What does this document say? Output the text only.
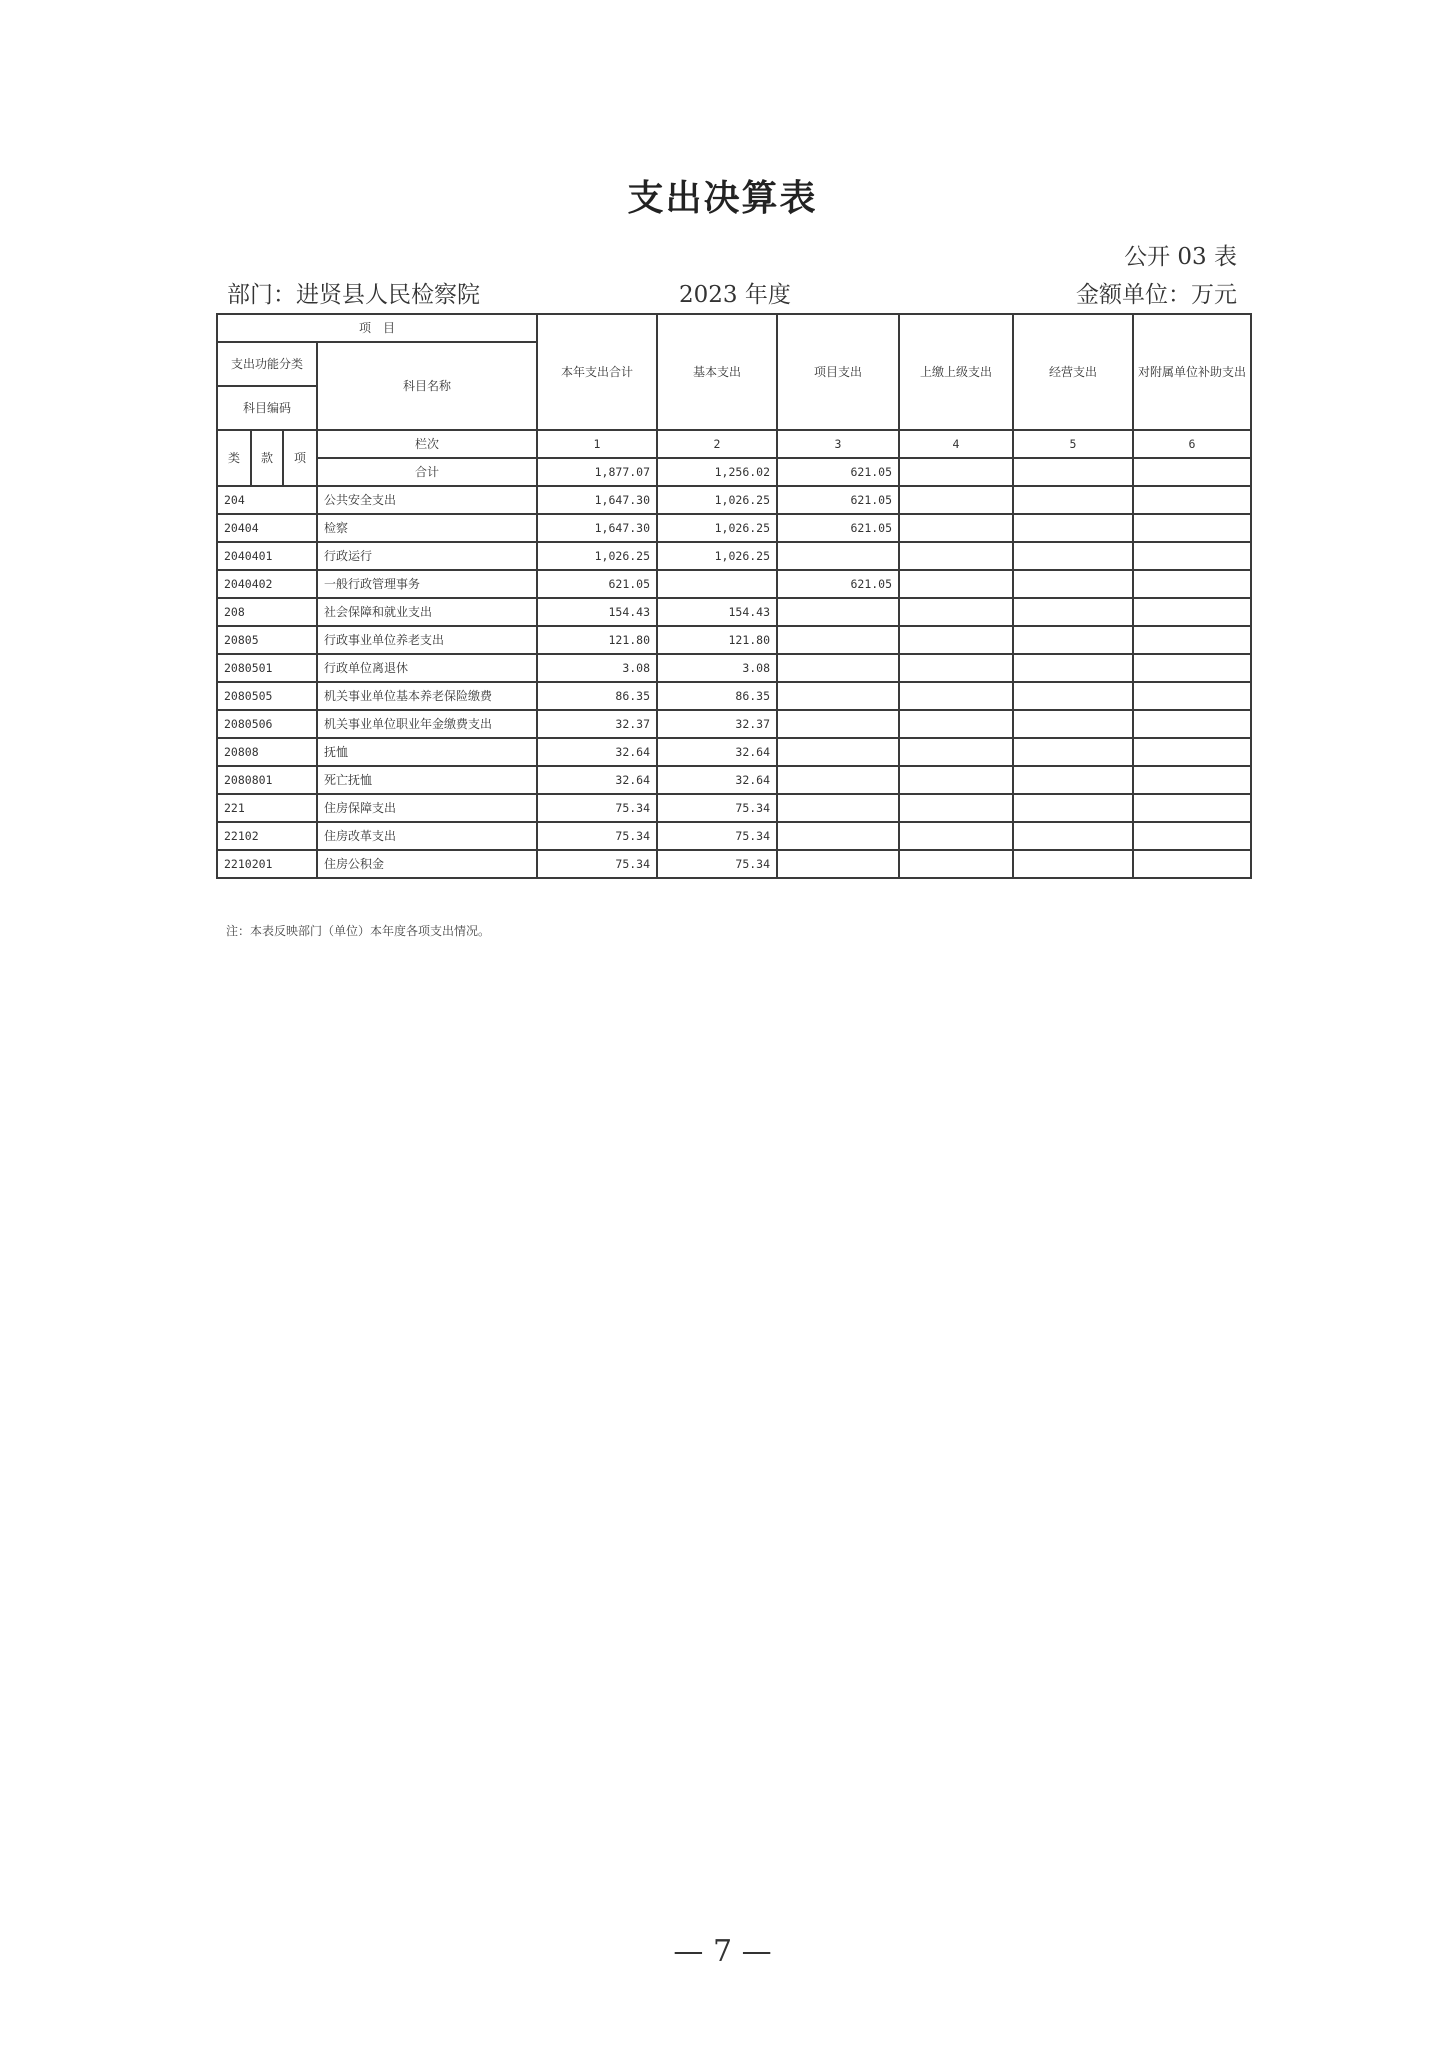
支出决算表
公开 03 表
部门：进贤县人民检察院	2023 年度	金额单位：万元
项　目				本年支出合计	基本支出	项目支出	上缴上级支出	经营支出	对附属单位补助支出
支出功能分类			科目名称						
科目编码									
类	款	项	栏次	1	2	3	4	5	6
			合计	1,877.07	1,256.02	621.05			
204			公共安全支出	1,647.30	1,026.25	621.05			
20404			检察	1,647.30	1,026.25	621.05			
2040401			行政运行	1,026.25	1,026.25				
2040402			一般行政管理事务	621.05		621.05			
208			社会保障和就业支出	154.43	154.43				
20805			行政事业单位养老支出	121.80	121.80				
2080501			行政单位离退休	3.08	3.08				
2080505			机关事业单位基本养老保险缴费	86.35	86.35				
2080506			机关事业单位职业年金缴费支出	32.37	32.37				
20808			抚恤	32.64	32.64				
2080801			死亡抚恤	32.64	32.64				
221			住房保障支出	75.34	75.34				
22102			住房改革支出	75.34	75.34				
2210201			住房公积金	75.34	75.34				
注：本表反映部门（单位）本年度各项支出情况。
— 7 —
